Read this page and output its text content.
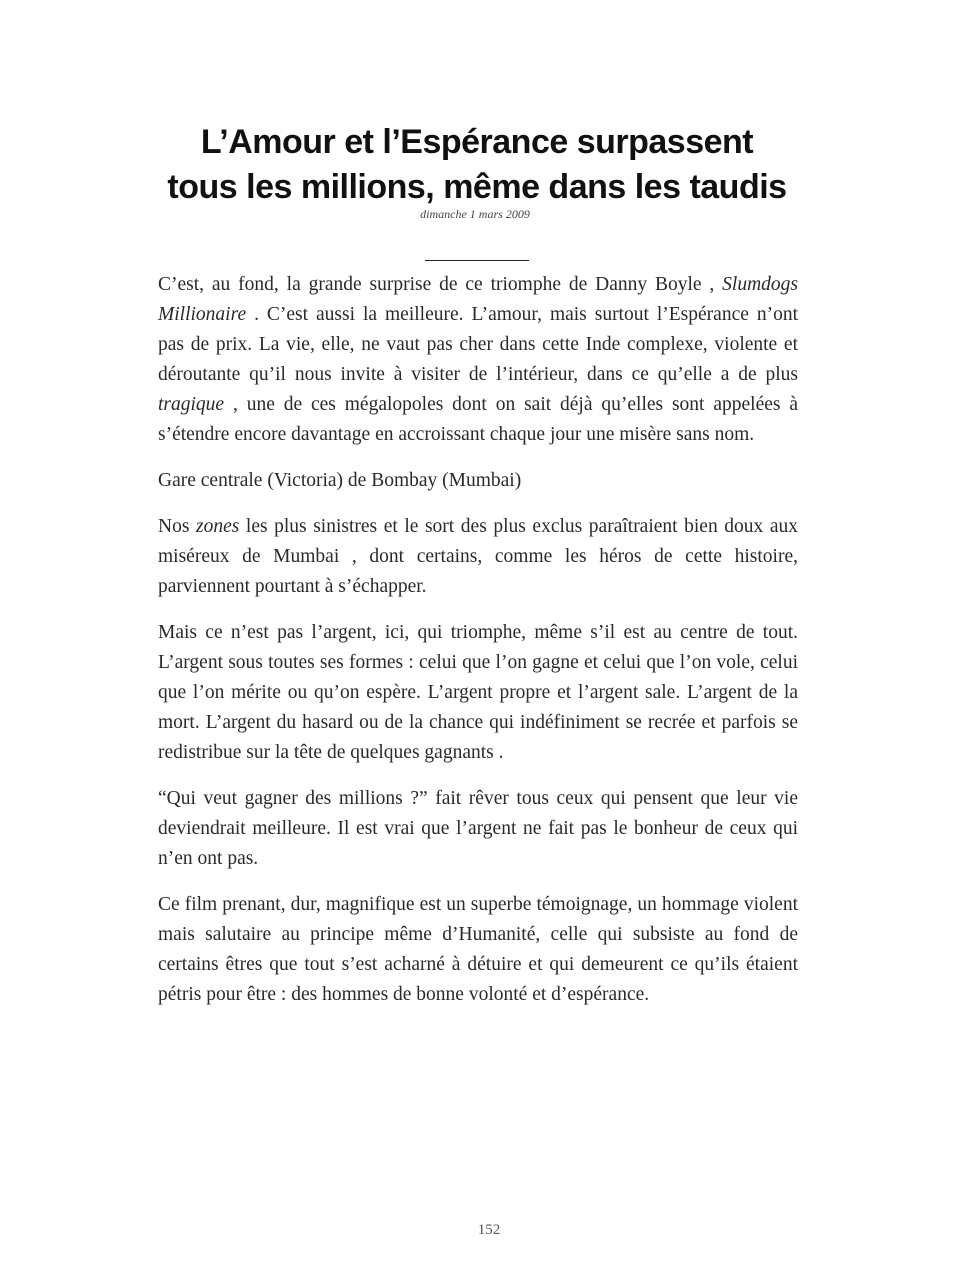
L’Amour et l’Espérance surpassent
tous les millions, même dans les taudis
dimanche 1 mars 2009

C’est, au fond, la grande surprise de ce triomphe de Danny Boyle , Slumdogs Millionaire . C’est aussi la meilleure. L’amour, mais surtout l’Espérance n’ont pas de prix. La vie, elle, ne vaut pas cher dans cette Inde complexe, violente et déroutante qu’il nous invite à visiter de l’intérieur, dans ce qu’elle a de plus tragique , une de ces mégalopoles dont on sait déjà qu’elles sont appelées à s’étendre encore davantage en accroissant chaque jour une misère sans nom.

Gare centrale (Victoria) de Bombay (Mumbai)

Nos zones les plus sinistres et le sort des plus exclus paraîtraient bien doux aux miséreux de Mumbai , dont certains, comme les héros de cette histoire, parviennent pourtant à s’échapper.

Mais ce n’est pas l’argent, ici, qui triomphe, même s’il est au centre de tout. L’argent sous toutes ses formes : celui que l’on gagne et celui que l’on vole, celui que l’on mérite ou qu’on espère. L’argent propre et l’argent sale. L’argent de la mort. L’argent du hasard ou de la chance qui indéfiniment se recrée et parfois se redistribue sur la tête de quelques gagnants .

“Qui veut gagner des millions ?” fait rêver tous ceux qui pensent que leur vie deviendrait meilleure. Il est vrai que l’argent ne fait pas le bonheur de ceux qui n’en ont pas.

Ce film prenant, dur, magnifique est un superbe témoignage, un hommage violent mais salutaire au principe même d’Humanité, celle qui subsiste au fond de certains êtres que tout s’est acharné à détuire et qui demeurent ce qu’ils étaient pétris pour être : des hommes de bonne volonté et d’espérance.

152
